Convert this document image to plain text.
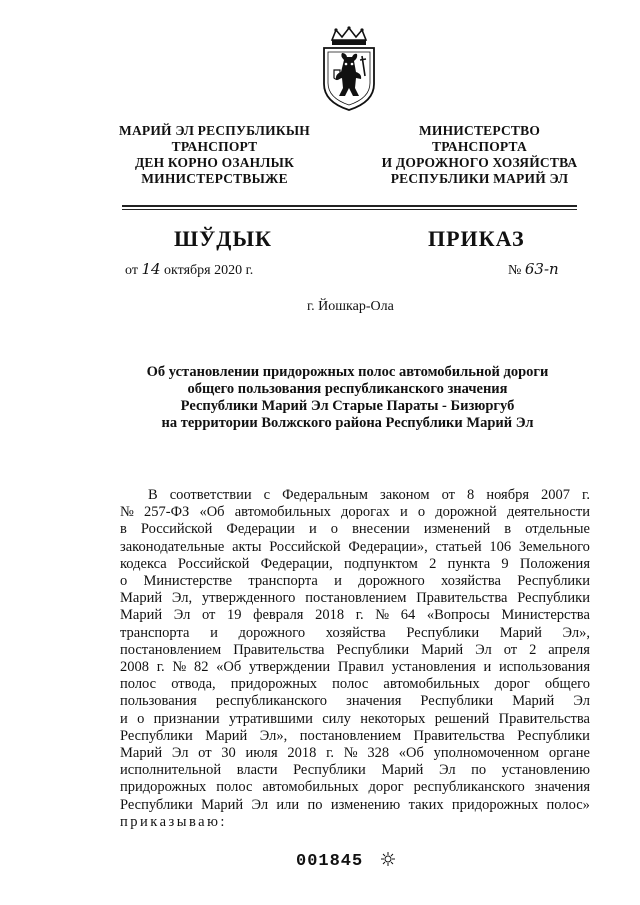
МАРИЙ ЭЛ РЕСПУБЛИКЫН
ТРАНСПОРТ
ДЕН КОРНО ОЗАНЛЫК
МИНИСТЕРСТВЫЖЕ
МИНИСТЕРСТВО
ТРАНСПОРТА
И ДОРОЖНОГО ХОЗЯЙСТВА
РЕСПУБЛИКИ МАРИЙ ЭЛ
ШЎДЫК	ПРИКАЗ
от 14 октября 2020 г.	№ 63-п
г. Йошкар-Ола
Об установлении придорожных полос автомобильной дороги
общего пользования республиканского значения
Республики Марий Эл Старые Параты - Бизюргуб
на территории Волжского района Республики Марий Эл
В соответствии с Федеральным законом от 8 ноября 2007 г.
№ 257-ФЗ «Об автомобильных дорогах и о дорожной деятельности
в Российской Федерации и о внесении изменений в отдельные
законодательные акты Российской Федерации», статьей 106 Земельного
кодекса Российской Федерации, подпунктом 2 пункта 9 Положения
о Министерстве транспорта и дорожного хозяйства Республики
Марий Эл, утвержденного постановлением Правительства Республики
Марий Эл от 19 февраля 2018 г. № 64 «Вопросы Министерства
транспорта и дорожного хозяйства Республики Марий Эл»,
постановлением Правительства Республики Марий Эл от 2 апреля
2008 г. № 82 «Об утверждении Правил установления и использования
полос отвода, придорожных полос автомобильных дорог общего
пользования республиканского значения Республики Марий Эл
и о признании утратившими силу некоторых решений Правительства
Республики Марий Эл», постановлением Правительства Республики
Марий Эл от 30 июля 2018 г. № 328 «Об уполномоченном органе
исполнительной власти Республики Марий Эл по установлению
придорожных полос автомобильных дорог республиканского значения
Республики Марий Эл или по изменению таких придорожных полос»
приказываю:
001845
